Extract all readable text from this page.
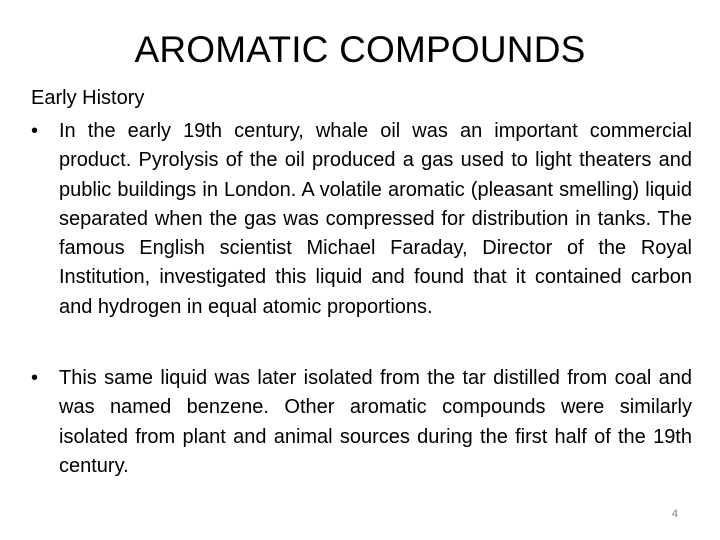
AROMATIC COMPOUNDS
Early History
• In the early 19th century, whale oil was an important commercial product. Pyrolysis of the oil produced a gas used to light theaters and public buildings in London. A volatile aromatic (pleasant smelling) liquid separated when the gas was compressed for distribution in tanks. The famous English scientist Michael Faraday, Director of the Royal Institution, investigated this liquid and found that it contained carbon and hydrogen in equal atomic proportions.
• This same liquid was later isolated from the tar distilled from coal and was named benzene. Other aromatic compounds were similarly isolated from plant and animal sources during the first half of the 19th century.
4
